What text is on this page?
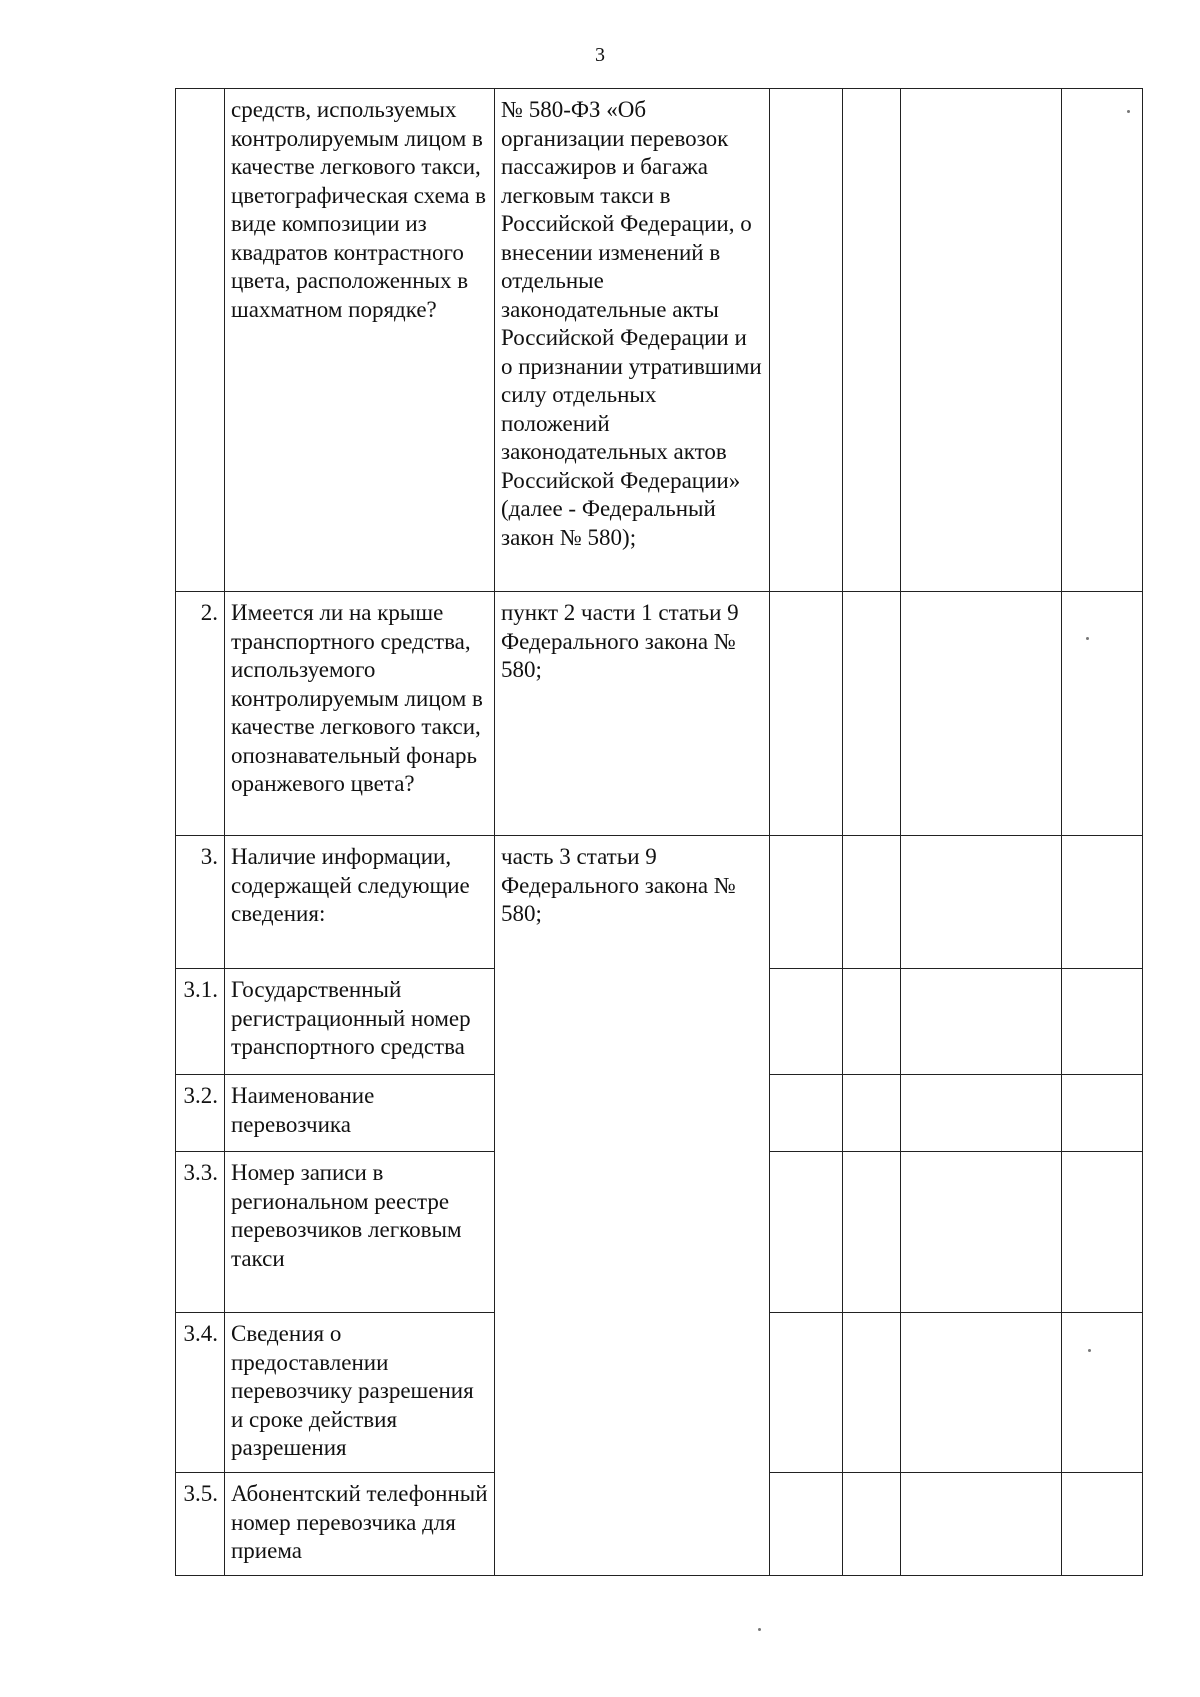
3
	средств, используемых контролируемым лицом в качестве легкового такси, цветографическая схема в виде композиции из квадратов контрастного цвета, расположенных в шахматном порядке?	№ 580-ФЗ «Об организации перевозок пассажиров и багажа легковым такси в Российской Федерации, о внесении изменений в отдельные законодательные акты Российской Федерации и о признании утратившими силу отдельных положений законодательных актов Российской Федерации» (далее - Федеральный закон № 580);				
2.	Имеется ли на крыше транспортного средства, используемого контролируемым лицом в качестве легкового такси, опознавательный фонарь оранжевого цвета?	пункт 2 части 1 статьи 9 Федерального закона № 580;				
3.	Наличие информации, содержащей следующие сведения:	часть 3 статьи 9 Федерального закона № 580;				
3.1.	Государственный регистрационный номер транспортного средства					
3.2.	Наименование перевозчика					
3.3.	Номер записи в региональном реестре перевозчиков легковым такси					
3.4.	Сведения о предоставлении перевозчику разрешения и сроке действия разрешения					
3.5.	Абонентский телефонный номер перевозчика для приема					
